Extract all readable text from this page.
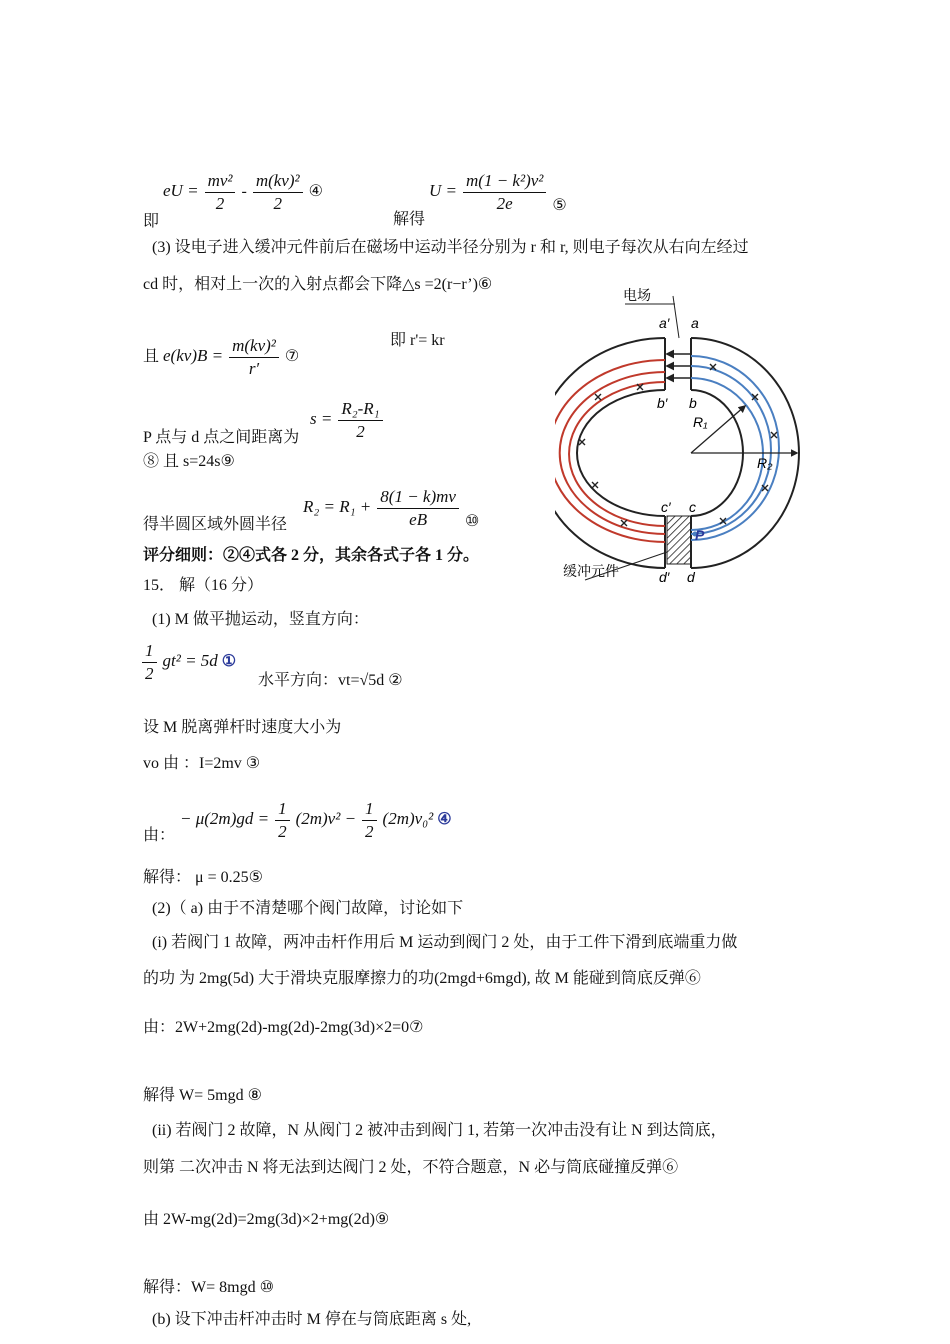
即 eU = $\frac{\text{mv²}}{2} - \frac{\text{m(kv)²}}{2}$ ④
解得 $U = \frac{\text{m(1 − k²)v²}}{2e}$ ⑤
(3) 设电子进入缓冲元件前后在磁场中运动半径分别为 r 和 r, 则电子每次从右向左经过
cd 时，相对上一次的入射点都会下降△s =2(r−r’)⑥
且 $e(kv)B = \frac{\text{m(kv)²}}{r'}$ ⑦
即 r'= kr
P 点与 d 点之间距离为
$s = \frac{\text{R₂-R₁}}{2}$
⑧ 且 s=24s⑨
得半圆区域外圆半径
$R_2 = R_1 + \frac{8(1 - k)mv}{eB}$ ⑩
评分细则：②④式各 2 分，其余各式子各 1 分。
15． 解（16 分）
(1) M 做平抛运动，竖直方向：
$\frac{1}{2} gt^2 = 5d$ ①
水平方向：vt=√5d ②
设 M 脱离弹杆时速度大小为
vo 由 ：I=2mv ③
由：
− $\mu(2m)gd = \frac{1}{2} (2m)v^2 - \frac{1}{2} (2m)v_0^2$ ④
解得： μ = 0.25⑤
(2)（ a) 由于不清楚哪个阀门故障，讨论如下
(i) 若阀门 1 故障，两冲击杆作用后 M 运动到阀门 2 处，由于工件下滑到底端重力做
的功 为 2mg(5d) 大于滑块克服摩擦力的功(2mgd+6mgd), 故 M 能碰到筒底反弹⑥
由：2W+2mg(2d)-mg(2d)-2mg(3d)×2=0⑦
解得 W= 5mgd ⑧
(ii) 若阀门 2 故障，N 从阀门 2 被冲击到阀门 1, 若第一次冲击没有让 N 到达筒底，
则第 二次冲击 N 将无法到达阀门 2 处，不符合题意，N 必与筒底碰撞反弹⑥
由 2W-mg(2d)=2mg(3d)×2+mg(2d)⑨
解得：W= 8mgd ⑩
(b) 设下冲击杆冲击时 M 停在与筒底距离 s 处,
电场
缓冲元件
a′ a
b′ b
c′ c
d′ d
R₁
R₂
P
